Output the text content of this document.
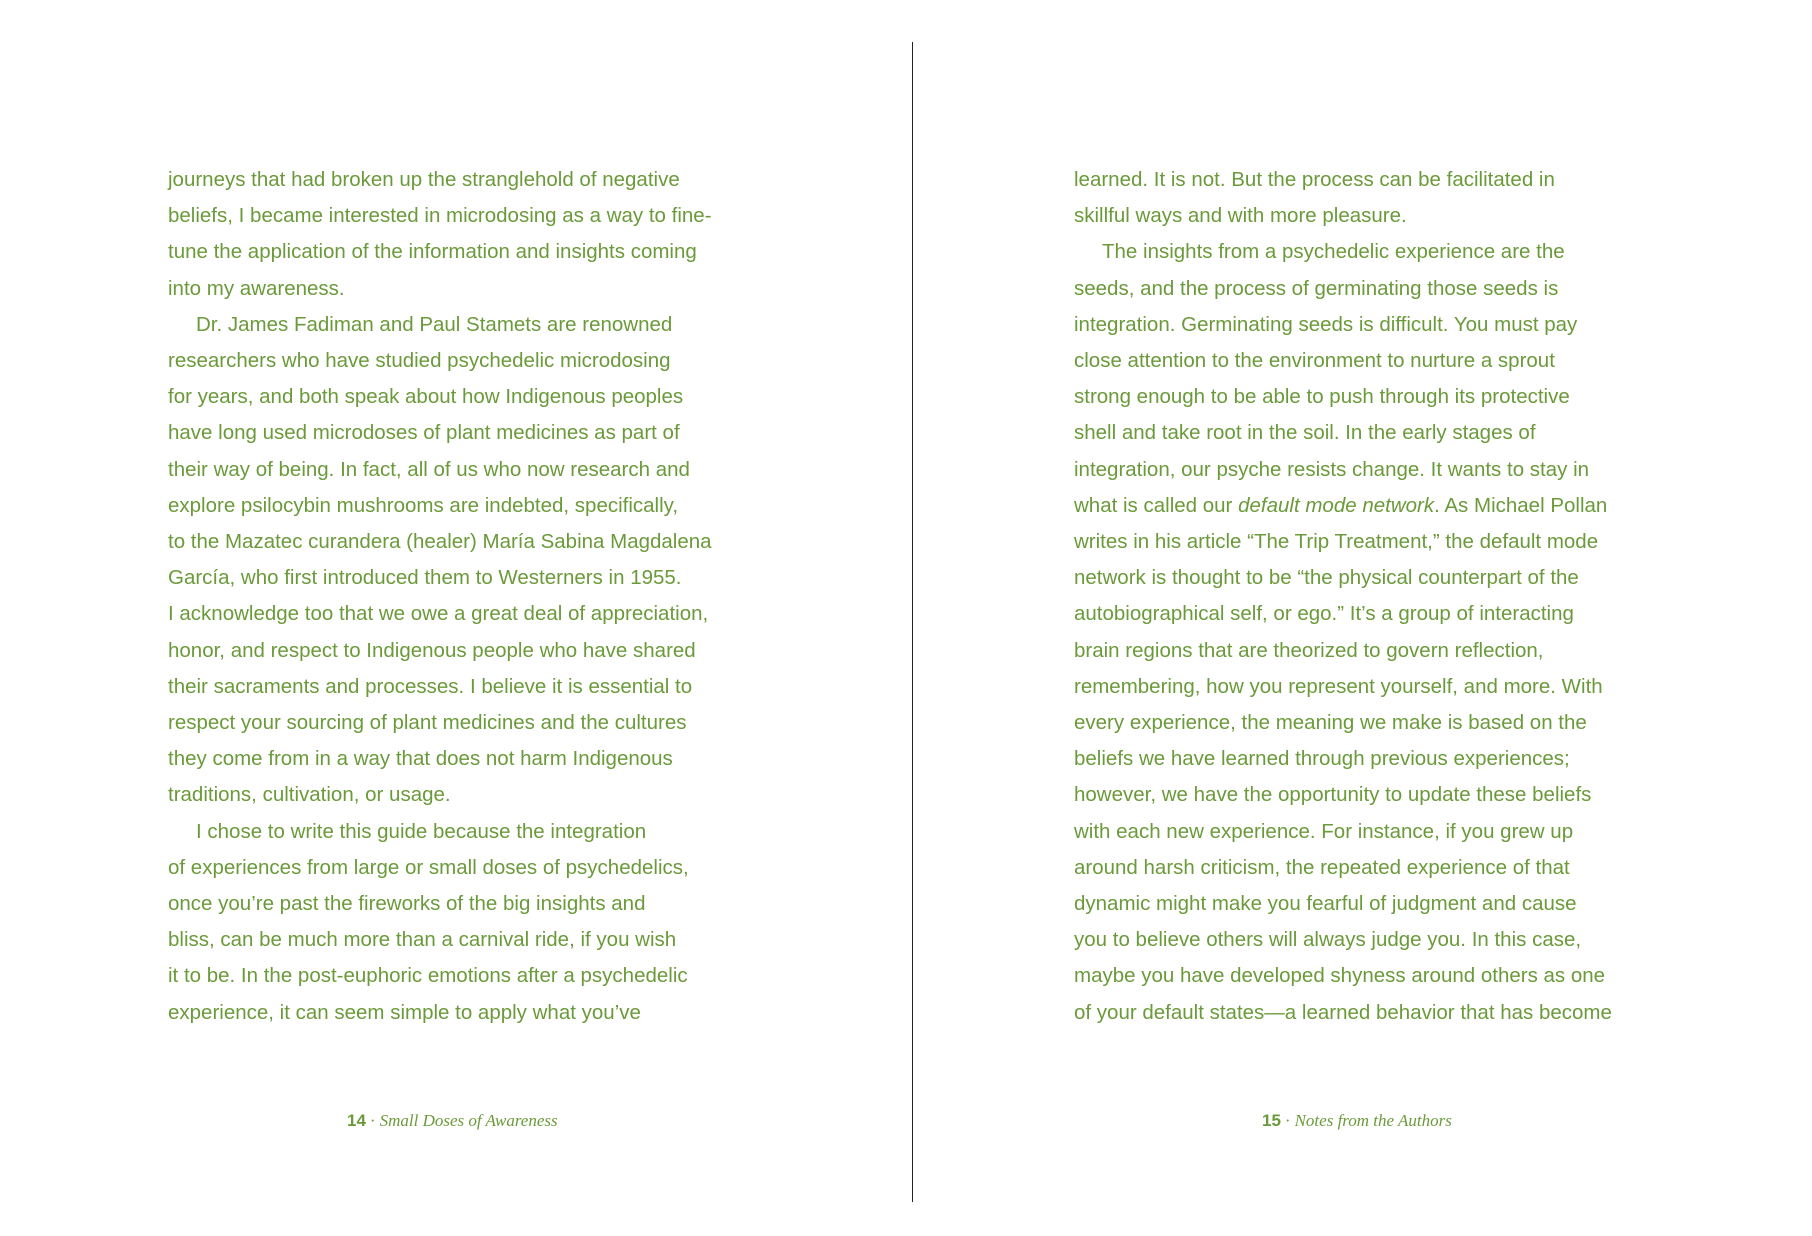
journeys that had broken up the stranglehold of negative
beliefs, I became interested in microdosing as a way to fine-
tune the application of the information and insights coming
into my awareness.
Dr. James Fadiman and Paul Stamets are renowned
researchers who have studied psychedelic microdosing
for years, and both speak about how Indigenous peoples
have long used microdoses of plant medicines as part of
their way of being. In fact, all of us who now research and
explore psilocybin mushrooms are indebted, specifically,
to the Mazatec curandera (healer) María Sabina Magdalena
García, who first introduced them to Westerners in 1955.
I acknowledge too that we owe a great deal of appreciation,
honor, and respect to Indigenous people who have shared
their sacraments and processes. I believe it is essential to
respect your sourcing of plant medicines and the cultures
they come from in a way that does not harm Indigenous
traditions, cultivation, or usage.
I chose to write this guide because the integration
of experiences from large or small doses of psychedelics,
once you’re past the fireworks of the big insights and
bliss, can be much more than a carnival ride, if you wish
it to be. In the post-euphoric emotions after a psychedelic
experience, it can seem simple to apply what you’ve
14 · Small Doses of Awareness
learned. It is not. But the process can be facilitated in
skillful ways and with more pleasure.
The insights from a psychedelic experience are the
seeds, and the process of germinating those seeds is
integration. Germinating seeds is difficult. You must pay
close attention to the environment to nurture a sprout
strong enough to be able to push through its protective
shell and take root in the soil. In the early stages of
integration, our psyche resists change. It wants to stay in
what is called our default mode network. As Michael Pollan
writes in his article “The Trip Treatment,” the default mode
network is thought to be “the physical counterpart of the
autobiographical self, or ego.” It’s a group of interacting
brain regions that are theorized to govern reflection,
remembering, how you represent yourself, and more. With
every experience, the meaning we make is based on the
beliefs we have learned through previous experiences;
however, we have the opportunity to update these beliefs
with each new experience. For instance, if you grew up
around harsh criticism, the repeated experience of that
dynamic might make you fearful of judgment and cause
you to believe others will always judge you. In this case,
maybe you have developed shyness around others as one
of your default states—a learned behavior that has become
15 · Notes from the Authors
